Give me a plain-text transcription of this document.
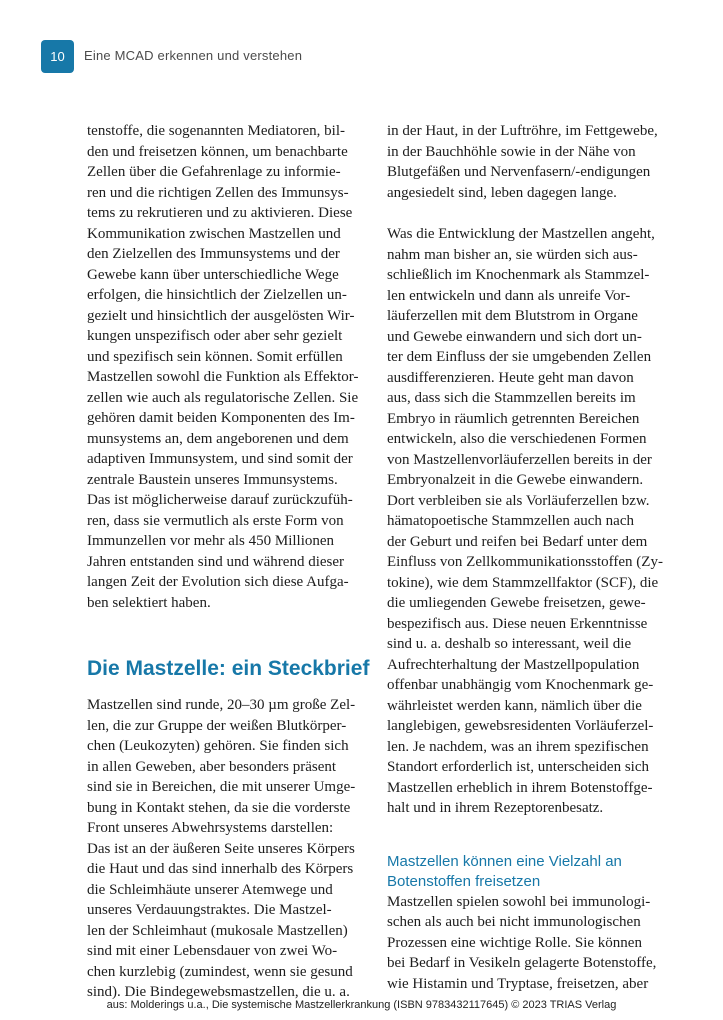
10 Eine MCAD erkennen und verstehen

tenstoffe, die sogenannten Mediatoren, bil-
den und freisetzen können, um benachbarte
Zellen über die Gefahrenlage zu informie-
ren und die richtigen Zellen des Immunsys-
tems zu rekrutieren und zu aktivieren. Diese
Kommunikation zwischen Mastzellen und
den Zielzellen des Immunsystems und der
Gewebe kann über unterschiedliche Wege
erfolgen, die hinsichtlich der Zielzellen un-
gezielt und hinsichtlich der ausgelösten Wir-
kungen unspezifisch oder aber sehr gezielt
und spezifisch sein können. Somit erfüllen
Mastzellen sowohl die Funktion als Effektor-
zellen wie auch als regulatorische Zellen. Sie
gehören damit beiden Komponenten des Im-
munsystems an, dem angeborenen und dem
adaptiven Immunsystem, und sind somit der
zentrale Baustein unseres Immunsystems.
Das ist möglicherweise darauf zurückzufüh-
ren, dass sie vermutlich als erste Form von
Immunzellen vor mehr als 450 Millionen
Jahren entstanden sind und während dieser
langen Zeit der Evolution sich diese Aufga-
ben selektiert haben.

Die Mastzelle: ein Steckbrief

Mastzellen sind runde, 20–30 µm große Zel-
len, die zur Gruppe der weißen Blutkörper-
chen (Leukozyten) gehören. Sie finden sich
in allen Geweben, aber besonders präsent
sind sie in Bereichen, die mit unserer Umge-
bung in Kontakt stehen, da sie die vorderste
Front unseres Abwehrsystems darstellen:
Das ist an der äußeren Seite unseres Körpers
die Haut und das sind innerhalb des Körpers
die Schleimhäute unserer Atemwege und
unseres Verdauungstraktes. Die Mastzel-
len der Schleimhaut (mukosale Mastzellen)
sind mit einer Lebensdauer von zwei Wo-
chen kurzlebig (zumindest, wenn sie gesund
sind). Die Bindegewebsmastzellen, die u. a.

in der Haut, in der Luftröhre, im Fettgewebe,
in der Bauchhöhle sowie in der Nähe von
Blutgefäßen und Nervenfasern/-endigungen
angesiedelt sind, leben dagegen lange.

Was die Entwicklung der Mastzellen angeht,
nahm man bisher an, sie würden sich aus-
schließlich im Knochenmark als Stammzel-
len entwickeln und dann als unreife Vor-
läuferzellen mit dem Blutstrom in Organe
und Gewebe einwandern und sich dort un-
ter dem Einfluss der sie umgebenden Zellen
ausdifferenzieren. Heute geht man davon
aus, dass sich die Stammzellen bereits im
Embryo in räumlich getrennten Bereichen
entwickeln, also die verschiedenen Formen
von Mastzellenvorläuferzellen bereits in der
Embryonalzeit in die Gewebe einwandern.
Dort verbleiben sie als Vorläuferzellen bzw.
hämatopoetische Stammzellen auch nach
der Geburt und reifen bei Bedarf unter dem
Einfluss von Zellkommunikationsstoffen (Zy-
tokine), wie dem Stammzellfaktor (SCF), die
die umliegenden Gewebe freisetzen, gewe-
bespezifisch aus. Diese neuen Erkenntnisse
sind u. a. deshalb so interessant, weil die
Aufrechterhaltung der Mastzellpopulation
offenbar unabhängig vom Knochenmark ge-
währleistet werden kann, nämlich über die
langlebigen, gewebsresidenten Vorläuferzel-
len. Je nachdem, was an ihrem spezifischen
Standort erforderlich ist, unterscheiden sich
Mastzellen erheblich in ihrem Botenstoffge-
halt und in ihrem Rezeptorenbesatz.

Mastzellen können eine Vielzahl an
Botenstoffen freisetzen

Mastzellen spielen sowohl bei immunologi-
schen als auch bei nicht immunologischen
Prozessen eine wichtige Rolle. Sie können
bei Bedarf in Vesikeln gelagerte Botenstoffe,
wie Histamin und Tryptase, freisetzen, aber

aus: Molderings u.a., Die systemische Mastzellerkrankung (ISBN 9783432117645) © 2023 TRIAS Verlag
